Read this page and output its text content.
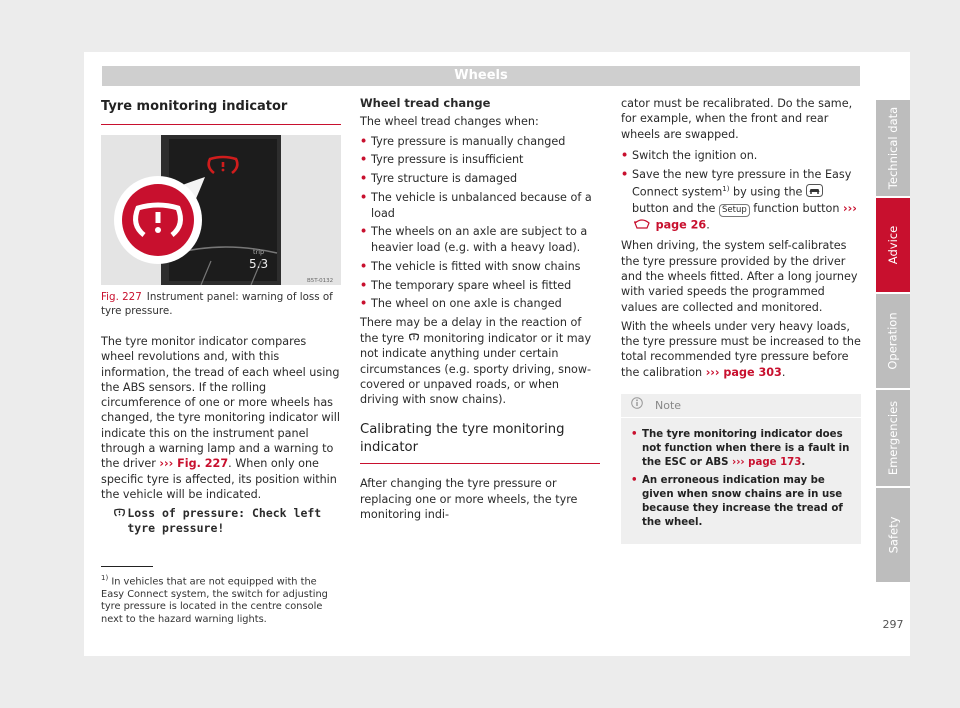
Wheels
Tyre monitoring indicator
trip
5.3
B5T-0132
Fig. 227 Instrument panel: warning of loss of tyre pressure.

The tyre monitor indicator compares wheel revolutions and, with this information, the tread of each wheel using the ABS sensors. If the rolling circumference of one or more wheels has changed, the tyre monitoring indicator will indicate this on the instrument panel through a warning lamp and a warning to the driver ››› Fig. 227. When only one specific tyre is affected, its position within the vehicle will be indicated.

Loss of pressure: Check left tyre pressure!
Wheel tread change

The wheel tread changes when:

• Tyre pressure is manually changed
• Tyre pressure is insufficient
• Tyre structure is damaged
• The vehicle is unbalanced because of a load
• The wheels on an axle are subject to a heavier load (e.g. with a heavy load).
• The vehicle is fitted with snow chains
• The temporary spare wheel is fitted
• The wheel on one axle is changed

There may be a delay in the reaction of the tyre  monitoring indicator or it may not indicate anything under certain circumstances (e.g. sporty driving, snow-covered or unpaved roads, or when driving with snow chains).

Calibrating the tyre monitoring indicator

After changing the tyre pressure or replacing one or more wheels, the tyre monitoring indi-

cator must be recalibrated. Do the same, for example, when the front and rear wheels are swapped.

• Switch the ignition on.
• Save the new tyre pressure in the Easy Connect system$^{1)}$ by using the  button and the Setup function button ›››  page 26.

When driving, the system self-calibrates the tyre pressure provided by the driver and the wheels fitted. After a long journey with varied speeds the programmed values are collected and monitored.

With the wheels under very heavy loads, the tyre pressure must be increased to the total recommended tyre pressure before the calibration ››› page 303.

Note
• The tyre monitoring indicator does not function when there is a fault in the ESC or ABS ››› page 173.
• An erroneous indication may be given when snow chains are in use because they increase the tread of the wheel.
$^{1)}$ In vehicles that are not equipped with the Easy Connect system, the switch for adjusting tyre pressure is located in the centre console next to the hazard warning lights.
Technical data
Advice
Operation
Emergencies
Safety
297
